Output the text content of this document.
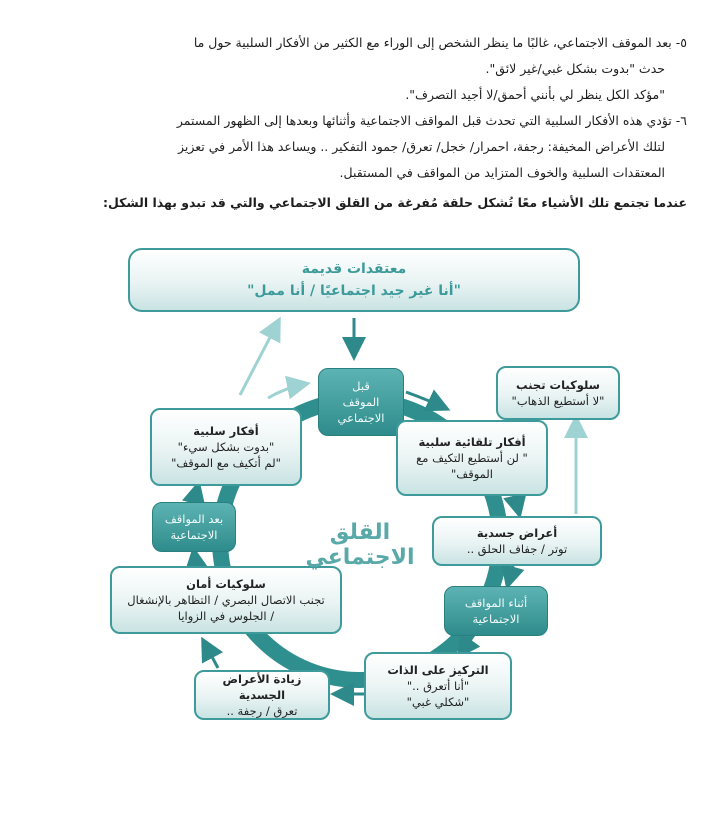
٥- بعد الموقف الاجتماعي، غالبًا ما ينظر الشخص إلى الوراء مع الكثير من الأفكار السلبية حول ما
حدث "بدوت بشكل غبي/غير لائق".
"مؤكد الكل ينظر لي بأنني أحمق/لا أجيد التصرف".
٦- تؤدي هذه الأفكار السلبية التي تحدث قبل المواقف الاجتماعية وأثنائها وبعدها إلى الظهور المستمر
لتلك الأعراض المخيفة: رجفة، احمرار/ خجل/ تعرق/ جمود التفكير .. ويساعد هذا الأمر في تعزيز
المعتقدات السلبية والخوف المتزايد من المواقف في المستقبل.
عندما تجتمع تلك الأشياء معًا تُشكل حلقة مُفرغة من القلق الاجتماعي والتي قد تبدو بهذا الشكل:
معتقدات قديمة
"أنا غير جيد اجتماعيًا / أنا ممل"
قبل
الموقف
الاجتماعي
أفكار تلقائية سلبية
" لن أستطيع التكيف مع
الموقف"
سلوكيات تجنب
"لا أستطيع الذهاب"
أعراض جسدية
توتر / جفاف الحلق ..
أثناء المواقف
الاجتماعية
التركيز على الذات
"أنا أتعرق .."
"شكلي غبي"
زيادة الأعراض الجسدية
تعرق / رجفة ..
سلوكيات أمان
تجنب الاتصال البصري / التظاهر بالإنشغال
/ الجلوس في الزوايا
بعد المواقف
الاجتماعية
أفكار سلبية
"بدوت بشكل سيء"
"لم أتكيف مع الموقف"
القلق الاجتماعي
